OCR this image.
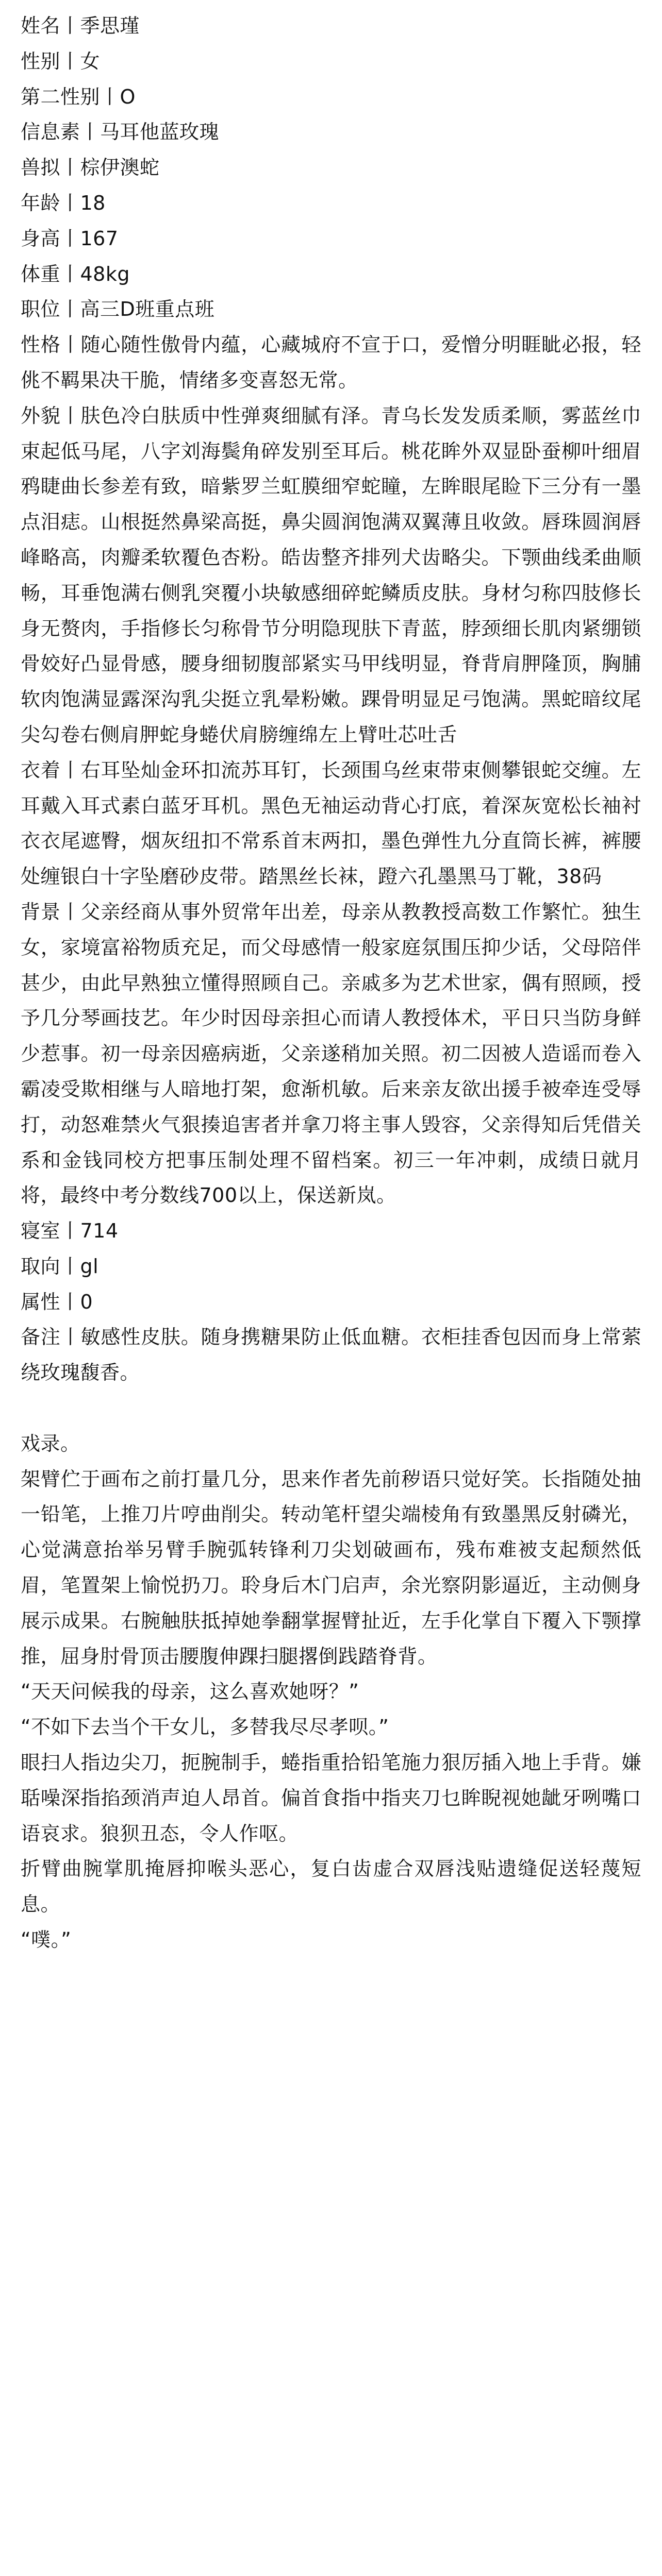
姓名丨季思瑾

性别丨女

第二性别丨O

信息素丨马耳他蓝玫瑰

兽拟丨棕伊澳蛇

年龄丨18

身高丨167

体重丨48kg

职位丨高三D班重点班

性格丨随心随性傲骨内蕴，心藏城府不宣于口，爱憎分明睚眦必报，轻佻不羁果决干脆，情绪多变喜怒无常。

外貌丨肤色冷白肤质中性弹爽细腻有泽。青乌长发发质柔顺，雾蓝丝巾束起低马尾，八字刘海鬓角碎发别至耳后。桃花眸外双显卧蚕柳叶细眉鸦睫曲长参差有致，暗紫罗兰虹膜细窄蛇瞳，左眸眼尾睑下三分有一墨点泪痣。山根挺然鼻梁高挺，鼻尖圆润饱满双翼薄且收敛。唇珠圆润唇峰略高，肉瓣柔软覆色杏粉。皓齿整齐排列犬齿略尖。下颚曲线柔曲顺畅，耳垂饱满右侧乳突覆小块敏感细碎蛇鳞质皮肤。身材匀称四肢修长身无赘肉，手指修长匀称骨节分明隐现肤下青蓝，脖颈细长肌肉紧绷锁骨姣好凸显骨感，腰身细韧腹部紧实马甲线明显，脊背肩胛隆顶，胸脯软肉饱满显露深沟乳尖挺立乳晕粉嫩。踝骨明显足弓饱满。黑蛇暗纹尾尖勾卷右侧肩胛蛇身蜷伏肩膀缠绵左上臂吐芯吐舌

衣着丨右耳坠灿金环扣流苏耳钉，长颈围乌丝束带束侧攀银蛇交缠。左耳戴入耳式素白蓝牙耳机。黑色无袖运动背心打底，着深灰宽松长袖衬衣衣尾遮臀，烟灰纽扣不常系首末两扣，墨色弹性九分直筒长裤，裤腰处缠银白十字坠磨砂皮带。踏黑丝长袜，蹬六孔墨黑马丁靴，38码

背景丨父亲经商从事外贸常年出差，母亲从教教授高数工作繁忙。独生女，家境富裕物质充足，而父母感情一般家庭氛围压抑少话，父母陪伴甚少，由此早熟独立懂得照顾自己。亲戚多为艺术世家，偶有照顾，授予几分琴画技艺。年少时因母亲担心而请人教授体术，平日只当防身鲜少惹事。初一母亲因癌病逝，父亲遂稍加关照。初二因被人造谣而卷入霸凌受欺相继与人暗地打架，愈渐机敏。后来亲友欲出援手被牵连受辱打，动怒难禁火气狠揍追害者并拿刀将主事人毁容，父亲得知后凭借关系和金钱同校方把事压制处理不留档案。初三一年冲刺，成绩日就月将，最终中考分数线700以上，保送新岚。

寝室丨714

取向丨gl

属性丨0

备注丨敏感性皮肤。随身携糖果防止低血糖。衣柜挂香包因而身上常萦绕玫瑰馥香。

戏录。

架臂伫于画布之前打量几分，思来作者先前秽语只觉好笑。长指随处抽一铅笔，上推刀片哼曲削尖。转动笔杆望尖端棱角有致墨黑反射磷光，心觉满意抬举另臂手腕弧转锋利刀尖划破画布，残布难被支起颓然低眉，笔置架上愉悦扔刀。聆身后木门启声，余光察阴影逼近，主动侧身展示成果。右腕触肤抵掉她拳翻掌握臂扯近，左手化掌自下覆入下颚撑推，屈身肘骨顶击腰腹伸踝扫腿撂倒践踏脊背。

“天天问候我的母亲，这么喜欢她呀？”

“不如下去当个干女儿，多替我尽尽孝呗。”

眼扫人指边尖刀，扼腕制手，蜷指重拾铅笔施力狠厉插入地上手背。嫌聒噪深指掐颈消声迫人昂首。偏首食指中指夹刀乜眸睨视她龇牙咧嘴口语哀求。狼狈丑态，令人作呕。

折臂曲腕掌肌掩唇抑喉头恶心，复白齿虚合双唇浅贴遗缝促送轻蔑短息。

“噗。”
